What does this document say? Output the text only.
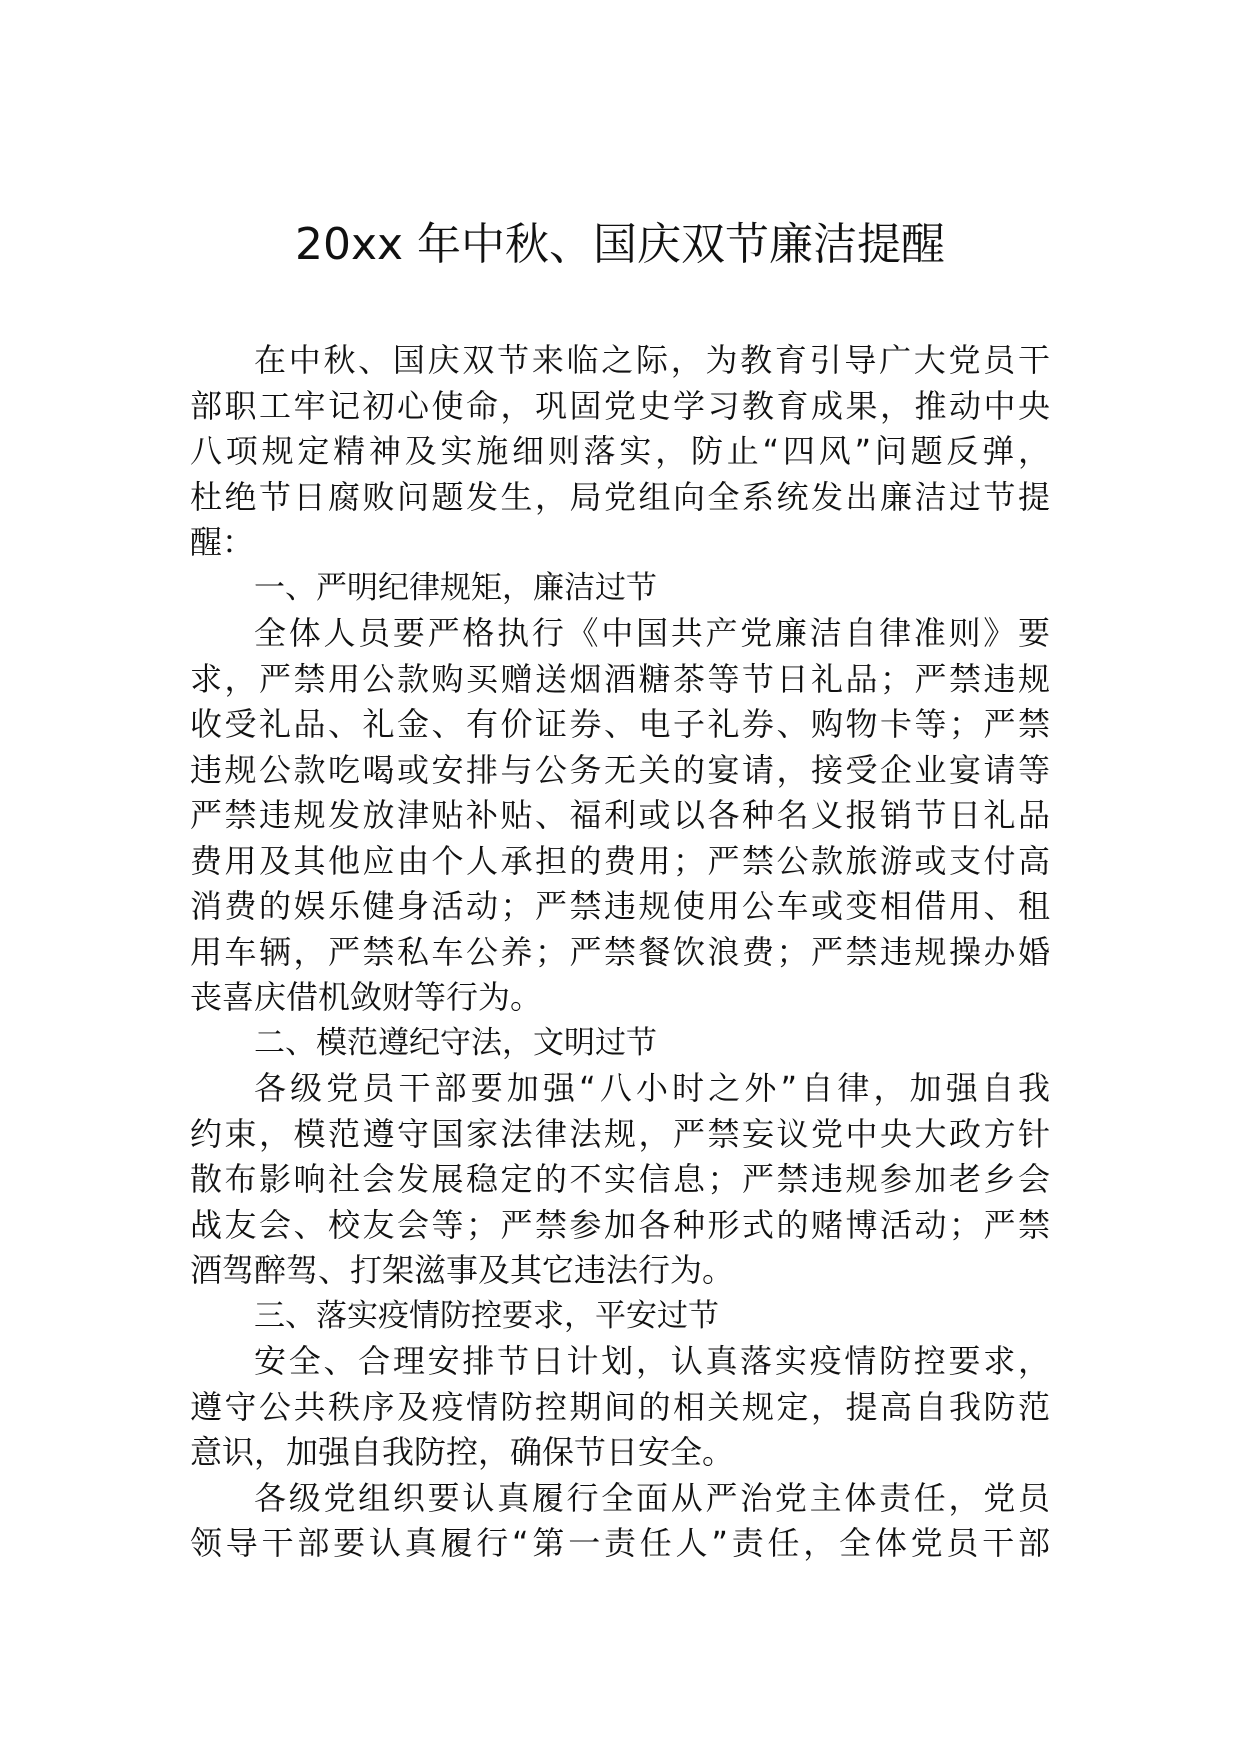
20xx 年中秋、国庆双节廉洁提醒
在中秋、国庆双节来临之际，为教育引导广大党员干
部职工牢记初心使命，巩固党史学习教育成果，推动中央
八项规定精神及实施细则落实，防止“四风”问题反弹，
杜绝节日腐败问题发生，局党组向全系统发出廉洁过节提
醒：
一、严明纪律规矩，廉洁过节
全体人员要严格执行《中国共产党廉洁自律准则》要
求，严禁用公款购买赠送烟酒糖茶等节日礼品；严禁违规
收受礼品、礼金、有价证券、电子礼券、购物卡等；严禁
违规公款吃喝或安排与公务无关的宴请，接受企业宴请等
严禁违规发放津贴补贴、福利或以各种名义报销节日礼品
费用及其他应由个人承担的费用；严禁公款旅游或支付高
消费的娱乐健身活动；严禁违规使用公车或变相借用、租
用车辆，严禁私车公养；严禁餐饮浪费；严禁违规操办婚
丧喜庆借机敛财等行为。
二、模范遵纪守法，文明过节
各级党员干部要加强“八小时之外”自律，加强自我
约束，模范遵守国家法律法规，严禁妄议党中央大政方针
散布影响社会发展稳定的不实信息；严禁违规参加老乡会
战友会、校友会等；严禁参加各种形式的赌博活动；严禁
酒驾醉驾、打架滋事及其它违法行为。
三、落实疫情防控要求，平安过节
安全、合理安排节日计划，认真落实疫情防控要求，
遵守公共秩序及疫情防控期间的相关规定，提高自我防范
意识，加强自我防控，确保节日安全。
各级党组织要认真履行全面从严治党主体责任，党员
领导干部要认真履行“第一责任人”责任，全体党员干部
